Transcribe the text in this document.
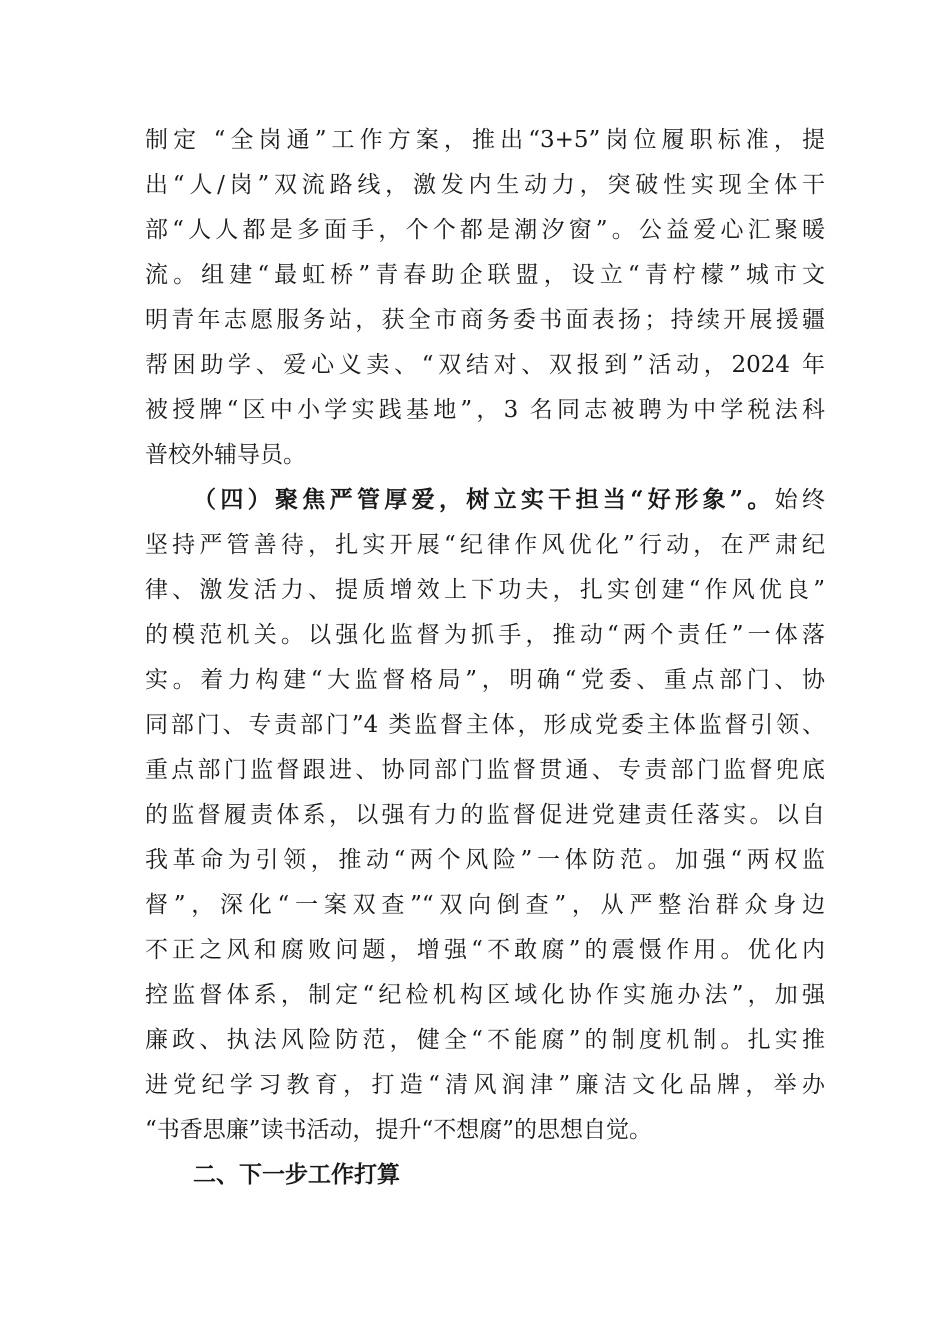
制定 “全岗通”工作方案，推出“3+5”岗位履职标准，提

出“人/岗”双流路线，激发内生动力，突破性实现全体干

部“人人都是多面手，个个都是潮汐窗”。公益爱心汇聚暖

流。组建“最虹桥”青春助企联盟，设立“青柠檬”城市文

明青年志愿服务站，获全市商务委书面表扬；持续开展援疆

帮困助学、爱心义卖、“双结对、双报到”活动，2024 年

被授牌“区中小学实践基地”，3 名同志被聘为中学税法科

普校外辅导员。

（四）聚焦严管厚爱，树立实干担当“好形象”。始终

坚持严管善待，扎实开展“纪律作风优化”行动，在严肃纪

律、激发活力、提质增效上下功夫，扎实创建“作风优良”

的模范机关。以强化监督为抓手，推动“两个责任”一体落

实。着力构建“大监督格局”，明确“党委、重点部门、协

同部门、专责部门”4 类监督主体，形成党委主体监督引领、

重点部门监督跟进、协同部门监督贯通、专责部门监督兜底

的监督履责体系，以强有力的监督促进党建责任落实。以自

我革命为引领，推动“两个风险”一体防范。加强“两权监

督”，深化“一案双查”“双向倒查”，从严整治群众身边

不正之风和腐败问题，增强“不敢腐”的震慑作用。优化内

控监督体系，制定“纪检机构区域化协作实施办法”，加强

廉政、执法风险防范，健全“不能腐”的制度机制。扎实推

进党纪学习教育，打造“清风润津”廉洁文化品牌，举办

“书香思廉”读书活动，提升“不想腐”的思想自觉。

二、下一步工作打算
